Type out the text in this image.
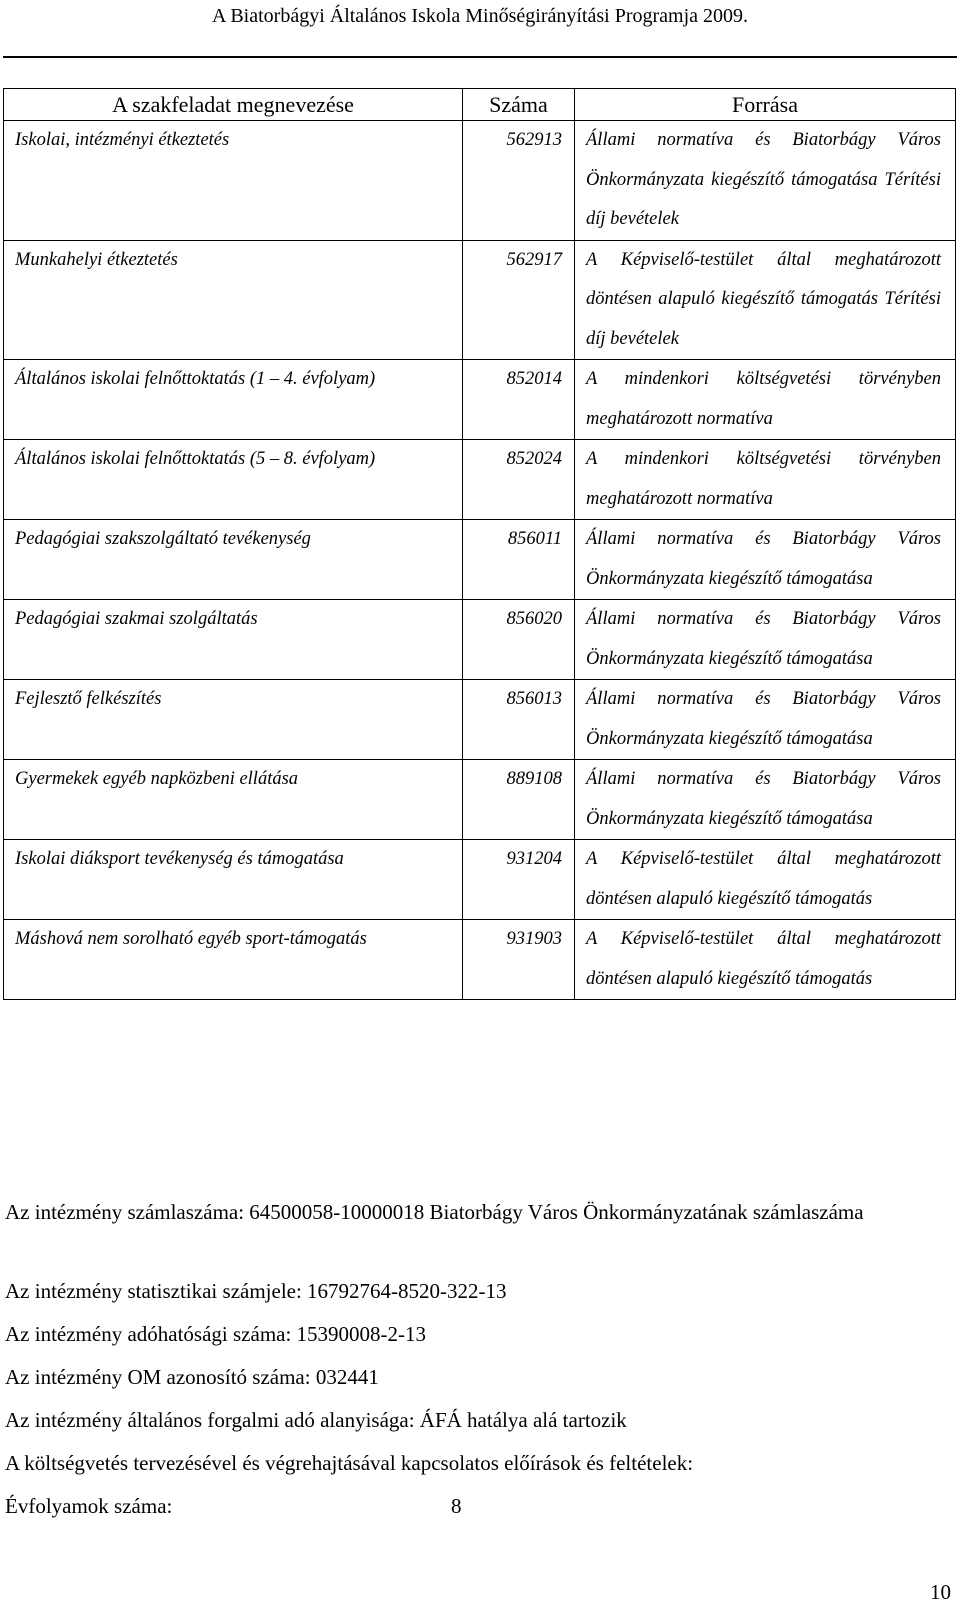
A Biatorbágyi Általános Iskola Minőségirányítási Programja 2009.
A szakfeladat megnevezése	Száma	Forrása
Iskolai, intézményi étkeztetés	562913	Állami normatíva és Biatorbágy Város Önkormányzata kiegészítő támogatása Térítési díj bevételek
Munkahelyi étkeztetés	562917	A Képviselő-testület által meghatározott döntésen alapuló kiegészítő támogatás Térítési díj bevételek
Általános iskolai felnőttoktatás (1 – 4. évfolyam)	852014	A mindenkori költségvetési törvényben meghatározott normatíva
Általános iskolai felnőttoktatás (5 – 8. évfolyam)	852024	A mindenkori költségvetési törvényben meghatározott normatíva
Pedagógiai szakszolgáltató tevékenység	856011	Állami normatíva és Biatorbágy Város Önkormányzata kiegészítő támogatása
Pedagógiai szakmai szolgáltatás	856020	Állami normatíva és Biatorbágy Város Önkormányzata kiegészítő támogatása
Fejlesztő felkészítés	856013	Állami normatíva és Biatorbágy Város Önkormányzata kiegészítő támogatása
Gyermekek egyéb napközbeni ellátása	889108	Állami normatíva és Biatorbágy Város Önkormányzata kiegészítő támogatása
Iskolai diáksport tevékenység és támogatása	931204	A Képviselő-testület által meghatározott döntésen alapuló kiegészítő támogatás
Máshová nem sorolható egyéb sport-támogatás	931903	A Képviselő-testület által meghatározott döntésen alapuló kiegészítő támogatás
Az intézmény számlaszáma: 64500058-10000018 Biatorbágy Város Önkormányzatának számlaszáma
Az intézmény statisztikai számjele: 16792764-8520-322-13
Az intézmény adóhatósági száma: 15390008-2-13
Az intézmény OM azonosító száma: 032441
Az intézmény általános forgalmi adó alanyisága: ÁFÁ hatálya alá tartozik
A költségvetés tervezésével és végrehajtásával kapcsolatos előírások és feltételek:
Évfolyamok száma:	8
10
